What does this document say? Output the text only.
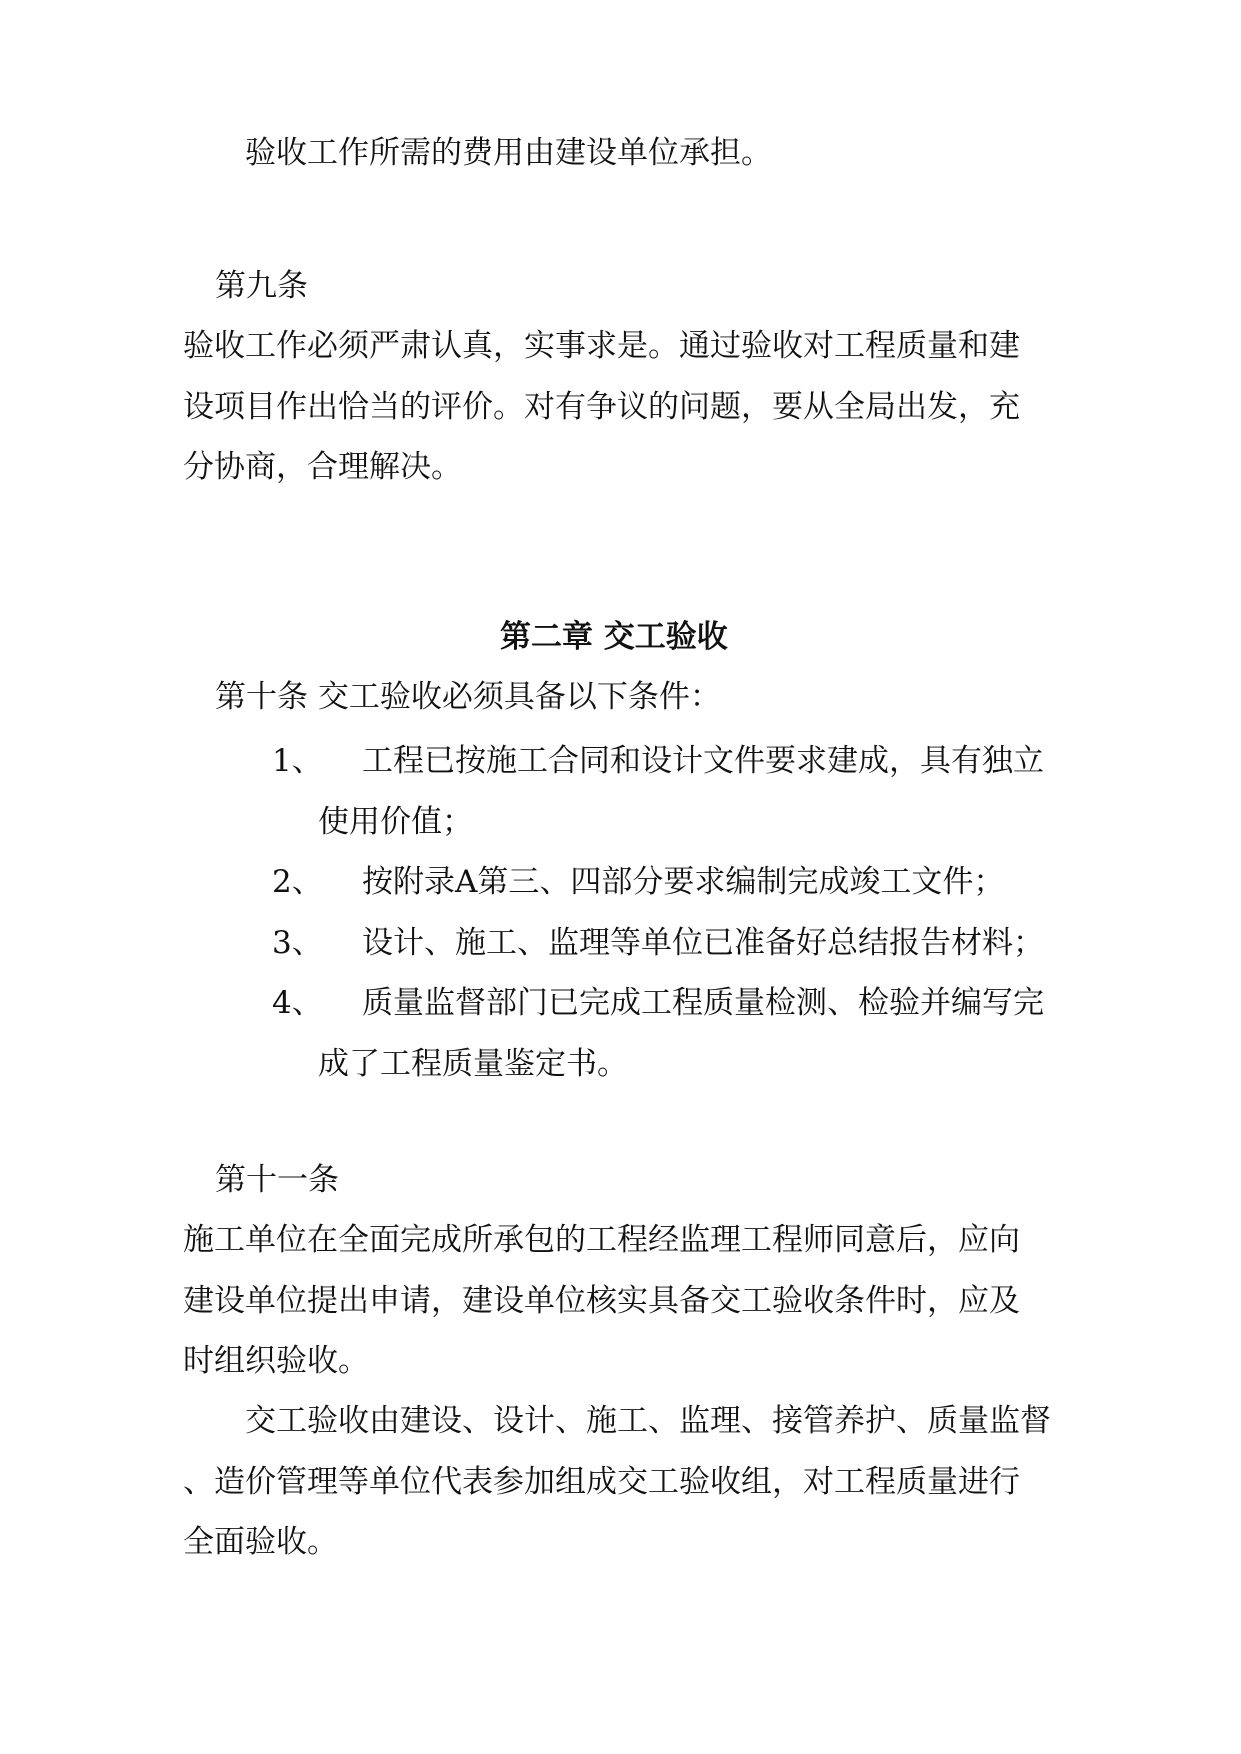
验收工作所需的费用由建设单位承担。
第九条
验收工作必须严肃认真，实事求是。通过验收对工程质量和建
设项目作出恰当的评价。对有争议的问题，要从全局出发，充
分协商，合理解决。
第二章 交工验收
第十条 交工验收必须具备以下条件：
1、 工程已按施工合同和设计文件要求建成，具有独立
使用价值；
2、 按附录A第三、四部分要求编制完成竣工文件；
3、 设计、施工、监理等单位已准备好总结报告材料；
4、 质量监督部门已完成工程质量检测、检验并编写完
成了工程质量鉴定书。
第十一条
施工单位在全面完成所承包的工程经监理工程师同意后，应向
建设单位提出申请，建设单位核实具备交工验收条件时，应及
时组织验收。
交工验收由建设、设计、施工、监理、接管养护、质量监督
、造价管理等单位代表参加组成交工验收组，对工程质量进行
全面验收。
